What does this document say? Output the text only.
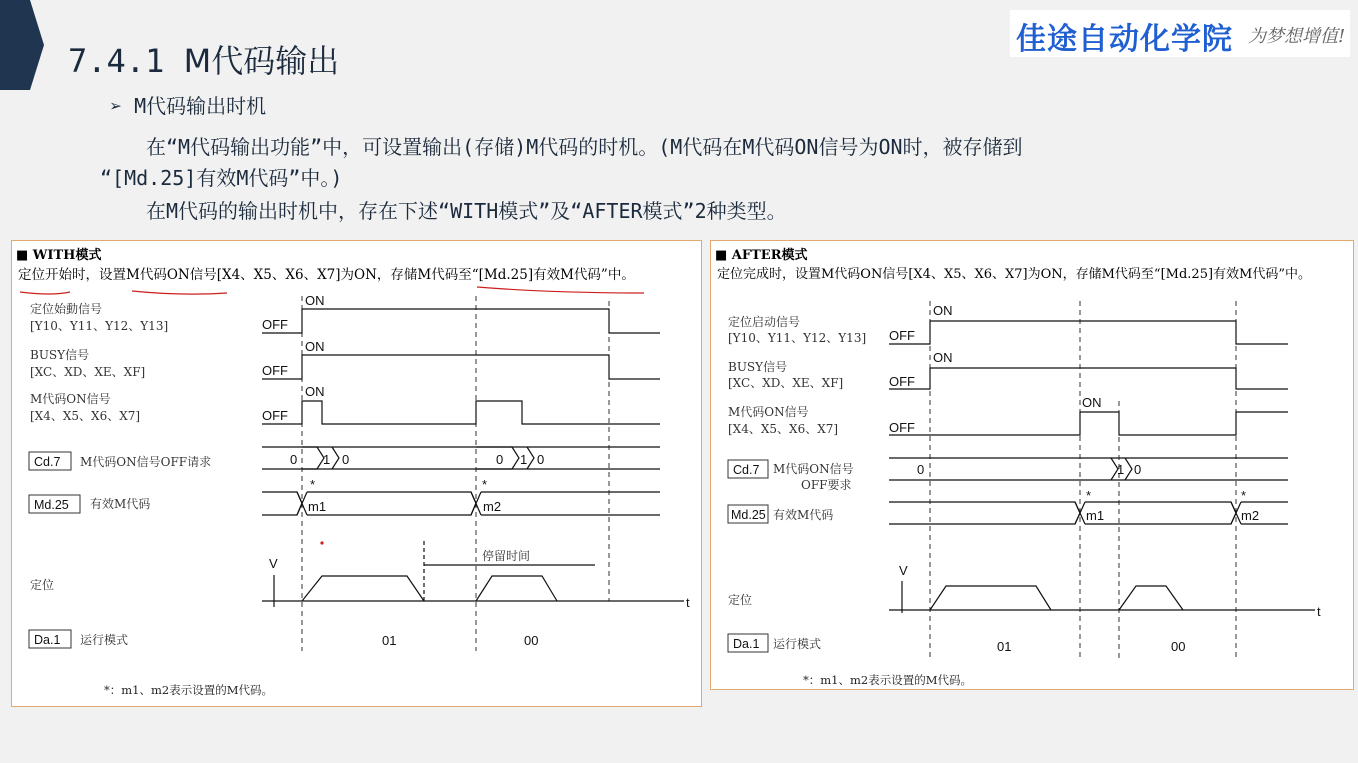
佳途自动化学院 为梦想增值!
7.4.1 M代码输出
➢ M代码输出时机
在“M代码输出功能”中，可设置输出(存储)M代码的时机。(M代码在M代码ON信号为ON时，被存储到
“[Md.25]有效M代码”中。)
在M代码的输出时机中，存在下述“WITH模式”及“AFTER模式”2种类型。
■ WITH模式
定位开始时，设置M代码ON信号[X4、X5、X6、X7]为ON，存储M代码至“[Md.25]有效M代码”中。
定位始動信号
[Y10、Y11、Y12、Y13]
BUSY信号
[XC、XD、XE、XF]
M代码ON信号
[X4、X5、X6、X7]
Cd.7 M代码ON信号OFF请求
Md.25 有效M代码
定位
Da.1 运行模式
ON
OFF
ON
OFF
ON
OFF
0 1 0	0 1 0
*	*
m1	m2
V
t
停留时间
01	00
*：m1、m2表示设置的M代码。
■ AFTER模式
定位完成时，设置M代码ON信号[X4、X5、X6、X7]为ON，存储M代码至“[Md.25]有效M代码”中。
定位启动信号
[Y10、Y11、Y12、Y13]
BUSY信号
[XC、XD、XE、XF]
M代码ON信号
[X4、X5、X6、X7]
Cd.7 M代码ON信号
OFF要求
Md.25 有效M代码
定位
Da.1 运行模式
ON
OFF
ON
OFF
ON
OFF
0	1 0
*	*
m1	m2
V
t
01	00
*：m1、m2表示设置的M代码。
